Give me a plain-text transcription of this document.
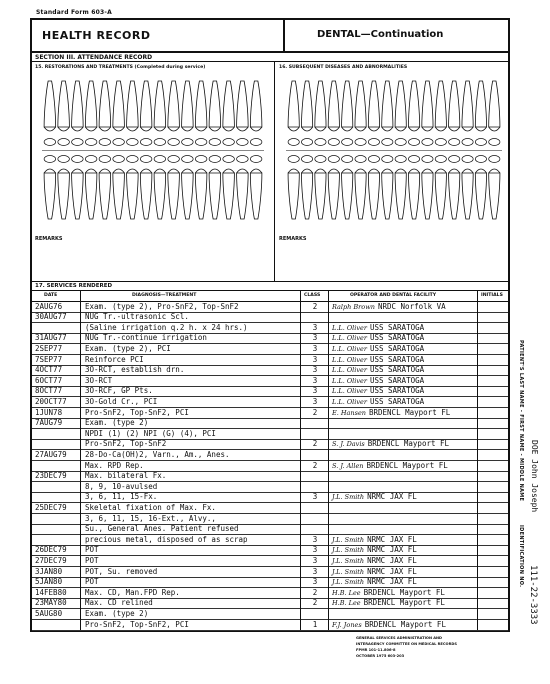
Standard Form 603-A
HEALTH RECORD	DENTAL—Continuation
SECTION III. ATTENDANCE RECORD
15. RESTORATIONS AND TREATMENTS (Completed during service)	16. SUBSEQUENT DISEASES AND ABNORMALITIES
REMARKS	REMARKS
17. SERVICES RENDERED
DATE	DIAGNOSIS—TREATMENT	CLASS	OPERATOR AND DENTAL FACILITY	INITIALS
2AUG76	Exam. (type 2), Pro-SnF2, Top-SnF2	2	Ralph Brown NRDC Norfolk VA
30AUG77	NUG Tr.-ultrasonic Scl.
(Saline irrigation q.2 h. x 24 hrs.)	3	L.L. Oliver USS SARATOGA
31AUG77	NUG Tr.-continue irrigation	3	L.L. Oliver USS SARATOGA
2SEP77	Exam. (type 2), PCI	3	L.L. Oliver USS SARATOGA
7SEP77	Reinforce PCI	3	L.L. Oliver USS SARATOGA
4OCT77	3O-RCT, establish drn.	3	L.L. Oliver USS SARATOGA
6OCT77	3O-RCT	3	L.L. Oliver USS SARATOGA
8OCT77	3O-RCF, GP Pts.	3	L.L. Oliver USS SARATOGA
20OCT77	3O-Gold Cr., PCI	3	L.L. Oliver USS SARATOGA
1JUN78	Pro-SnF2, Top-SnF2, PCI	2	E. Hansen BRDENCL Mayport FL
7AUG79	Exam. (type 2)
NPDI (1) (2) NPI (G) (4), PCI
Pro-SnF2, Top-SnF2	2	S. J. Davis BRDENCL Mayport FL
27AUG79	28-Do-Ca(OH)2, Varn., Am., Anes.
Max. RPD Rep.	2	S. J. Allen BRDENCL Mayport FL
23DEC79	Max. bilateral Fx.
8, 9, 10-avulsed
3, 6, 11, 15-Fx.	3	J.L. Smith NRMC JAX FL
25DEC79	Skeletal fixation of Max. Fx.
3, 6, 11, 15, 16-Ext., Alvy.,
Su., General Anes. Patient refused
precious metal, disposed of as scrap	3	J.L. Smith NRMC JAX FL
26DEC79	POT	3	J.L. Smith NRMC JAX FL
27DEC79	POT	3	J.L. Smith NRMC JAX FL
3JAN80	POT, Su. removed	3	J.L. Smith NRMC JAX FL
5JAN80	POT	3	J.L. Smith NRMC JAX FL
14FEB80	Max. CD, Man.FPD Rep.	2	H.B. Lee BRDENCL Mayport FL
23MAY80	Max. CD relined	2	H.B. Lee BRDENCL Mayport FL
5AUG80	Exam. (type 2)
Pro-SnF2, Top-SnF2, PCI	1	F.J. Jones BRDENCL Mayport FL
PATIENT'S LAST NAME - FIRST NAME - MIDDLE NAME DOE John Joseph
IDENTIFICATION NO.
111-22-3333
GENERAL SERVICES ADMINISTRATION AND
INTERAGENCY COMMITTEE ON MEDICAL RECORDS
FPMR 101-11.806-8
OCTOBER 1975 603-203
